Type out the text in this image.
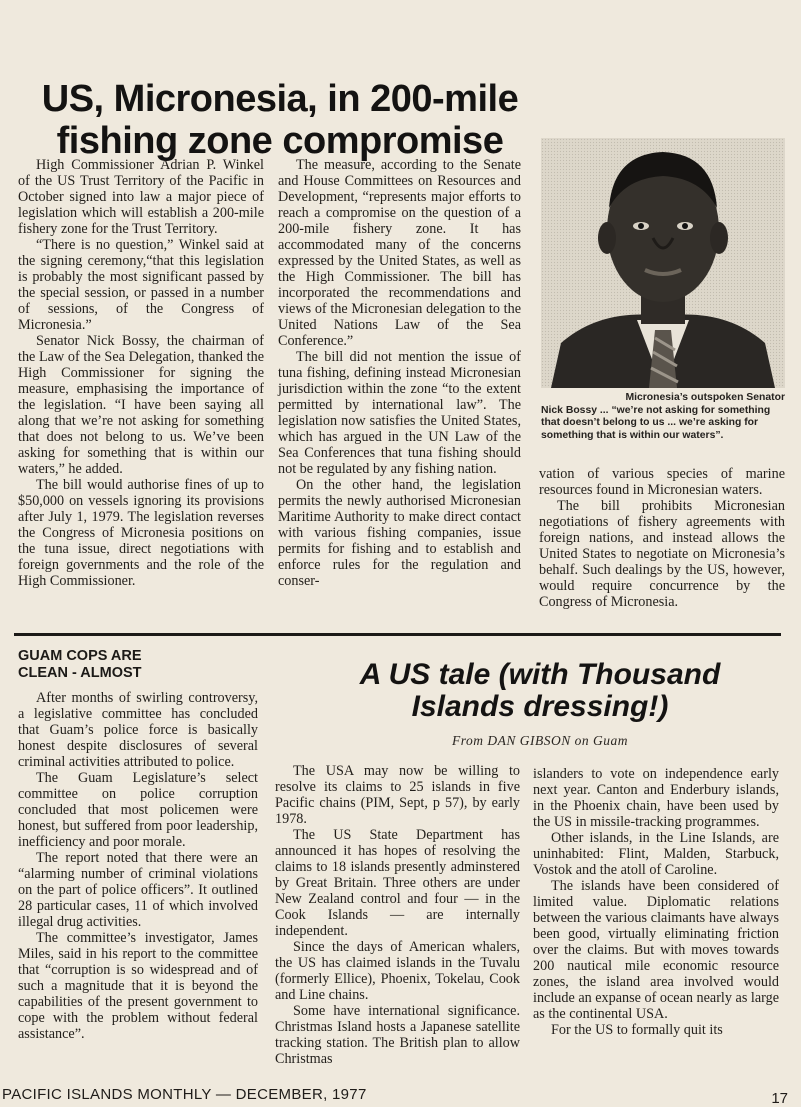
US, Micronesia, in 200-mile
fishing zone compromise

High Commissioner Adrian P. Winkel of the US Trust Territory of the Pacific in October signed into law a major piece of legislation which will establish a 200-mile fishery zone for the Trust Territory.

“There is no question,” Winkel said at the signing ceremony,“that this legislation is probably the most significant passed by the special session, or passed in a number of sessions, of the Congress of Micronesia.”

Senator Nick Bossy, the chairman of the Law of the Sea Delegation, thanked the High Commissioner for signing the measure, emphasising the importance of the legislation. “I have been saying all along that we’re not asking for something that does not belong to us. We’ve been asking for something that is within our waters,” he added.

The bill would authorise fines of up to $50,000 on vessels ignoring its provisions after July 1, 1979. The legislation reverses the Congress of Micronesia positions on the tuna issue, direct negotiations with foreign governments and the role of the High Commissioner.

The measure, according to the Senate and House Committees on Resources and Development, “represents major efforts to reach a compromise on the question of a 200-mile fishery zone. It has accommodated many of the concerns expressed by the United States, as well as the High Commissioner. The bill has incorporated the recommendations and views of the Micronesian delegation to the United Nations Law of the Sea Conference.”

The bill did not mention the issue of tuna fishing, defining instead Micronesian jurisdiction within the zone “to the extent permitted by international law”. The legislation now satisfies the United States, which has argued in the UN Law of the Sea Conferences that tuna fishing should not be regulated by any fishing nation.

On the other hand, the legislation permits the newly authorised Micronesian Maritime Authority to make direct contact with various fishing companies, issue permits for fishing and to establish and enforce rules for the regulation and conser-

Micronesia’s outspoken Senator

Nick Bossy ... “we’re not asking for something that doesn’t belong to us ... we’re asking for something that is within our waters”.

vation of various species of marine resources found in Micronesian waters.

The bill prohibits Micronesian negotiations of fishery agreements with foreign nations, and instead allows the United States to negotiate on Micronesia’s behalf. Such dealings by the US, however, would require concurrence by the Congress of Micronesia.

GUAM COPS ARE
CLEAN - ALMOST

After months of swirling controversy, a legislative committee has concluded that Guam’s police force is basically honest despite disclosures of several criminal activities attributed to police.

The Guam Legislature’s select committee on police corruption concluded that most policemen were honest, but suffered from poor leadership, inefficiency and poor morale.

The report noted that there were an “alarming number of criminal violations on the part of police officers”. It outlined 28 particular cases, 11 of which involved illegal drug activities.

The committee’s investigator, James Miles, said in his report to the committee that “corruption is so widespread and of such a magnitude that it is beyond the capabilities of the present government to cope with the problem without federal assistance”.

A US tale (with Thousand
Islands dressing!)
From DAN GIBSON on Guam

The USA may now be willing to resolve its claims to 25 islands in five Pacific chains (PIM, Sept, p 57), by early 1978.

The US State Department has announced it has hopes of resolving the claims to 18 islands presently adminstered by Great Britain. Three others are under New Zealand control and four — in the Cook Islands — are internally independent.

Since the days of American whalers, the US has claimed islands in the Tuvalu (formerly Ellice), Phoenix, Tokelau, Cook and Line chains.

Some have international significance. Christmas Island hosts a Japanese satellite tracking station. The British plan to allow Christmas

islanders to vote on independence early next year. Canton and Enderbury islands, in the Phoenix chain, have been used by the US in missile-tracking programmes.

Other islands, in the Line Islands, are uninhabited: Flint, Malden, Starbuck, Vostok and the atoll of Caroline.

The islands have been considered of limited value. Diplomatic relations between the various claimants have always been good, virtually eliminating friction over the claims. But with moves towards 200 nautical mile economic resource zones, the island area involved would include an expanse of ocean nearly as large as the continental USA.

For the US to formally quit its

PACIFIC ISLANDS MONTHLY — DECEMBER, 1977	17
